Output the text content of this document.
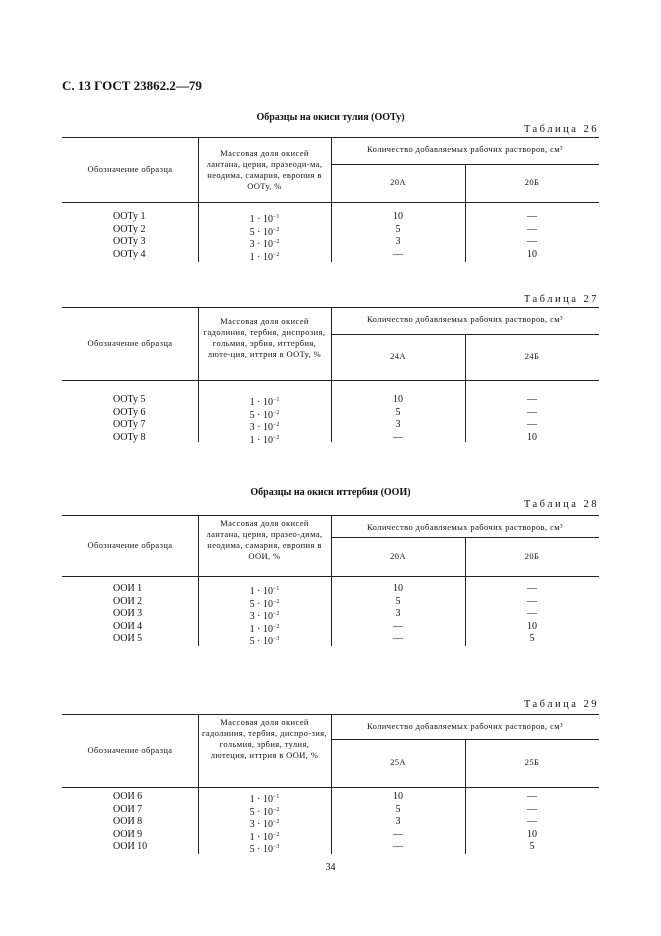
С. 13 ГОСТ 23862.2—79
Таблица 26
Обозначение образца
Массовая доля окисей лантана, церия, празеоди-ма, неодима, самария, европия в ООТу, %
Количество добавляемых рабочих растворов, см³
20А	20Б
ООТу 1	$1 \cdot 10^{-1}$	10	—
ООТу 2	$5 \cdot 10^{-2}$	5	—
ООТу 3	$3 \cdot 10^{-2}$	3	—
ООТу 4	$1 \cdot 10^{-2}$	—	10
Таблица 27
Обозначение образца
Массовая доля окисей гадолиния, тербия, диспрозия, гольмия, эрбия, иттербия, люте-ция, иттрия в ООТу, %
Количество добавляемых рабочих растворов, см³
24А	24Б
ООТу 5	$1 \cdot 10^{-1}$	10	—
ООТу 6	$5 \cdot 10^{-2}$	5	—
ООТу 7	$3 \cdot 10^{-2}$	3	—
ООТу 8	$1 \cdot 10^{-2}$	—	10
Таблица 28
Обозначение образца
Массовая доля окисей лантана, церия, празео-дима, неодима, самария, европия в ООИ, %
Количество добавляемых рабочих растворов, см³
20А	20Б
ООИ 1	$1 \cdot 10^{-1}$	10	—
ООИ 2	$5 \cdot 10^{-2}$	5	—
ООИ 3	$3 \cdot 10^{-2}$	3	—
ООИ 4	$1 \cdot 10^{-2}$	—	10
ООИ 5	$5 \cdot 10^{-3}$	—	5
Таблица 29
Обозначение образца
Массовая доля окисей гадолиния, тербия, диспро-зия, гольмия, эрбия, тулия, лютеция, иттрия в ООИ, %
Количество добавляемых рабочих растворов, см³
25А	25Б
ООИ 6	$1 \cdot 10^{-1}$	10	—
ООИ 7	$5 \cdot 10^{-2}$	5	—
ООИ 8	$3 \cdot 10^{-2}$	3	—
ООИ 9	$1 \cdot 10^{-2}$	—	10
ООИ 10	$5 \cdot 10^{-3}$	—	5
34
Образцы на окиси тулия (ООТу)
Образцы на окиси иттербия (ООИ)
